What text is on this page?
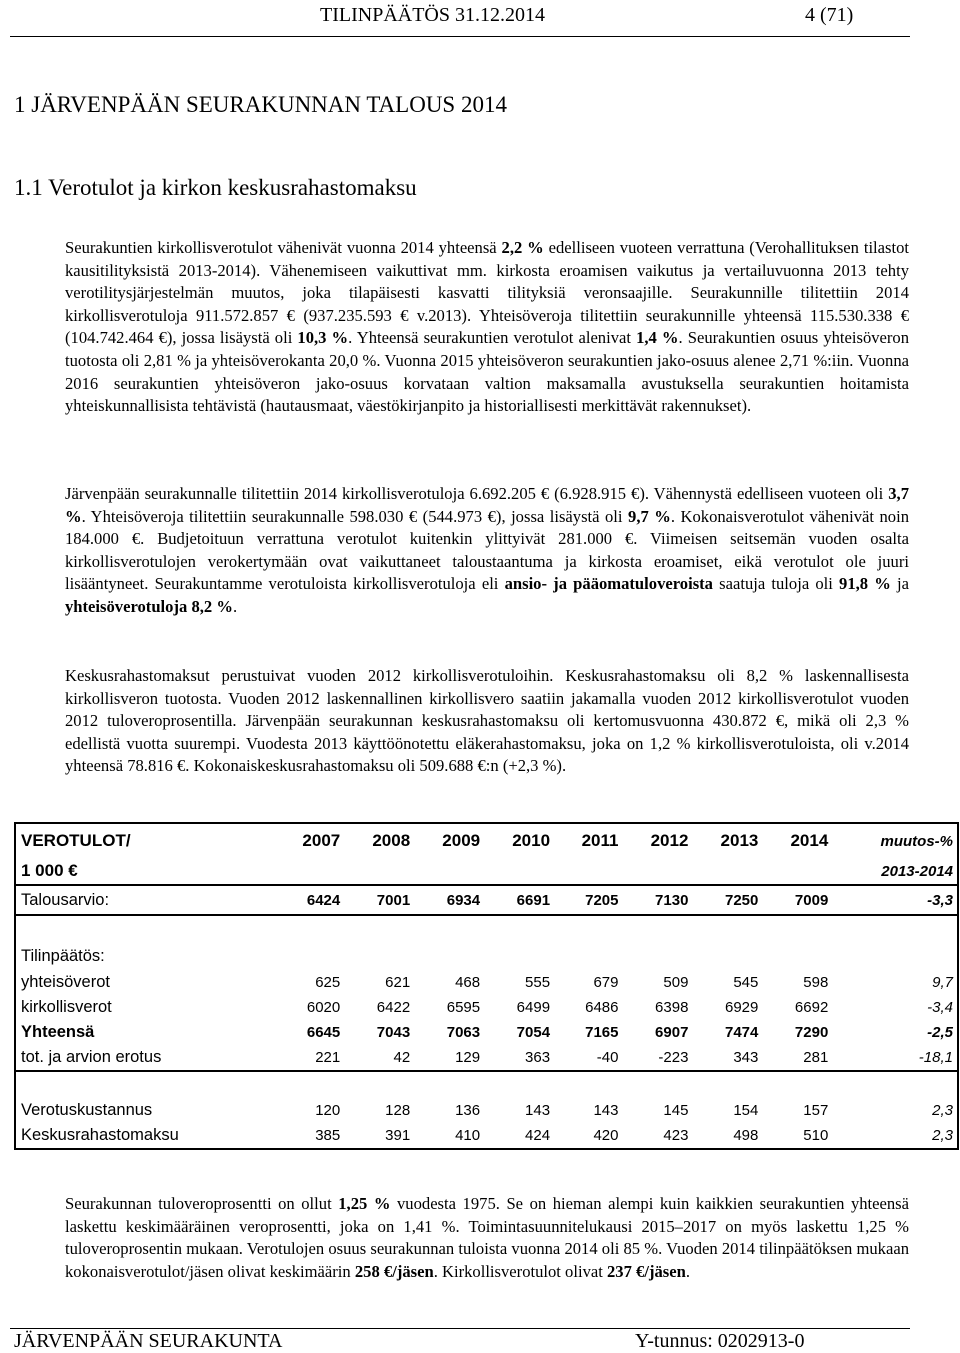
TILINPÄÄTÖS 31.12.2014	4 (71)
1 JÄRVENPÄÄN SEURAKUNNAN TALOUS 2014
1.1 Verotulot ja kirkon keskusrahastomaksu

Seurakuntien kirkollisverotulot vähenivät vuonna 2014 yhteensä 2,2 % edelliseen vuoteen verrattuna (Verohallituksen tilastot kausitilityksistä 2013-2014). Vähenemiseen vaikuttivat mm. kirkosta eroamisen vaikutus ja vertailuvuonna 2013 tehty verotilitysjärjestelmän muutos, joka tilapäisesti kasvatti tilityksiä veronsaajille. Seurakunnille tilitettiin 2014 kirkollisverotuloja 911.572.857 € (937.235.593 € v.2013). Yhteisöveroja tilitettiin seurakunnille yhteensä 115.530.338 € (104.742.464 €), jossa lisäystä oli 10,3 %. Yhteensä seurakuntien verotulot alenivat 1,4 %. Seurakuntien osuus yhteisöveron tuotosta oli 2,81 % ja yhteisöverokanta 20,0 %. Vuonna 2015 yhteisöveron seurakuntien jako-osuus alenee 2,71 %:iin. Vuonna 2016 seurakuntien yhteisöveron jako-osuus korvataan valtion maksamalla avustuksella seurakuntien hoitamista yhteiskunnallisista tehtävistä (hautausmaat, väestökirjanpito ja historiallisesti merkittävät rakennukset).

Järvenpään seurakunnalle tilitettiin 2014 kirkollisverotuloja 6.692.205 € (6.928.915 €). Vähennystä edelliseen vuoteen oli 3,7 %. Yhteisöveroja tilitettiin seurakunnalle 598.030 € (544.973 €), jossa lisäystä oli 9,7 %. Kokonaisverotulot vähenivät noin 184.000 €. Budjetoituun verrattuna verotulot kuitenkin ylittyivät 281.000 €. Viimeisen seitsemän vuoden osalta kirkollisverotulojen verokertymään ovat vaikuttaneet taloustaantuma ja kirkosta eroamiset, eikä verotulot ole juuri lisääntyneet. Seurakuntamme verotuloista kirkollisverotuloja eli ansio- ja pääomatuloveroista saatuja tuloja oli 91,8 % ja yhteisöverotuloja 8,2 %.

Keskusrahastomaksut perustuivat vuoden 2012 kirkollisverotuloihin. Keskusrahastomaksu oli 8,2 % laskennallisesta kirkollisveron tuotosta. Vuoden 2012 laskennallinen kirkollisvero saatiin jakamalla vuoden 2012 kirkollisverotulot vuoden 2012 tuloveroprosentilla. Järvenpään seurakunnan keskusrahastomaksu oli kertomusvuonna 430.872 €, mikä oli 2,3 % edellistä vuotta suurempi. Vuodesta 2013 käyttöönotettu eläkerahastomaksu, joka on 1,2 % kirkollisverotuloista, oli v.2014 yhteensä 78.816 €. Kokonaiskeskusrahastomaksu oli 509.688 €:n (+2,3 %).

VEROTULOT/	2007	2008	2009	2010	2011	2012	2013	2014	muutos-%
1 000 €									2013-2014
Talousarvio:	6424	7001	6934	6691	7205	7130	7250	7009	-3,3

Tilinpäätös:									
yhteisöverot	625	621	468	555	679	509	545	598	9,7
kirkollisverot	6020	6422	6595	6499	6486	6398	6929	6692	-3,4
Yhteensä	6645	7043	7063	7054	7165	6907	7474	7290	-2,5
tot. ja arvion erotus	221	42	129	363	-40	-223	343	281	-18,1

Verotuskustannus	120	128	136	143	143	145	154	157	2,3
Keskusrahastomaksu	385	391	410	424	420	423	498	510	2,3

Seurakunnan tuloveroprosentti on ollut 1,25 % vuodesta 1975. Se on hieman alempi kuin kaikkien seurakuntien yhteensä laskettu keskimääräinen veroprosentti, joka on 1,41 %. Toimintasuunnitelukausi 2015–2017 on myös laskettu 1,25 % tuloveroprosentin mukaan. Verotulojen osuus seurakunnan tuloista vuonna 2014 oli 85 %. Vuoden 2014 tilinpäätöksen mukaan kokonaisverotulot/jäsen olivat keskimäärin 258 €/jäsen. Kirkollisverotulot olivat 237 €/jäsen.

JÄRVENPÄÄN SEURAKUNTA	Y-tunnus: 0202913-0
